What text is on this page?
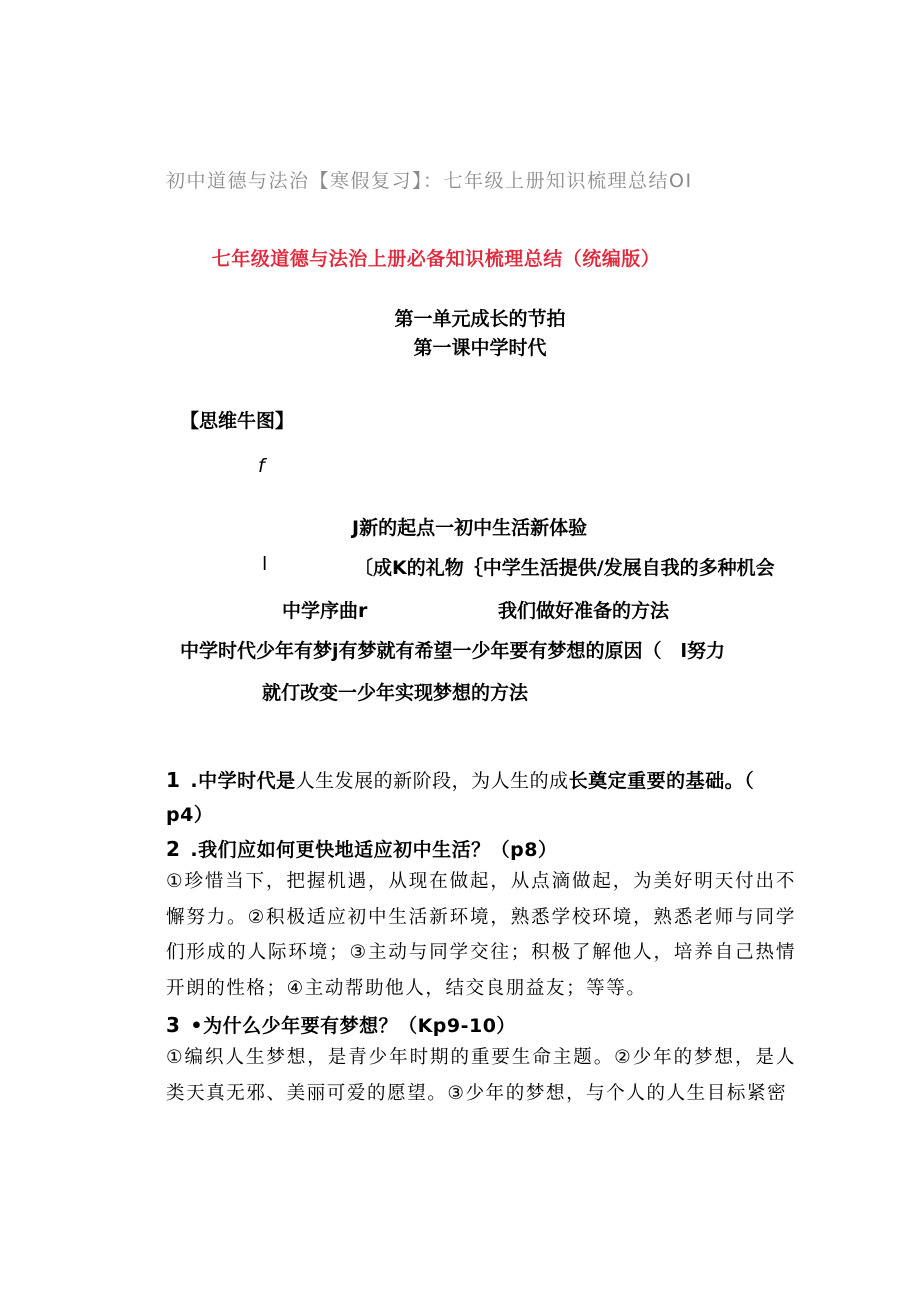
初中道德与法治【寒假复习】：七年级上册知识梳理总结OI
七年级道德与法治上册必备知识梳理总结（统编版）
第一单元成长的节拍
第一课中学时代
【思维牛图】
f
J新的起点一初中生活新体验
l	〔成K的礼物｛中学生活提供/发展自我的多种机会
中学序曲r	我们做好准备的方法
中学时代少年有梦j有梦就有希望一少年要有梦想的原因（　l努力
就仃改变一少年实现梦想的方法
1 .中学时代是人生发展的新阶段，为人生的成长奠定重要的基础。（
p4）
2 .我们应如何更快地适应初中生活？（p8）
①珍惜当下，把握机遇，从现在做起，从点滴做起，为美好明天付出不懈努力。②积极适应初中生活新环境，熟悉学校环境，熟悉老师与同学们形成的人际环境；③主动与同学交往；积极了解他人，培养自己热情开朗的性格；④主动帮助他人，结交良朋益友；等等。
3 •为什么少年要有梦想？（Kp9-10）
①编织人生梦想，是青少年时期的重要生命主题。②少年的梦想，是人类天真无邪、美丽可爱的愿望。③少年的梦想，与个人的人生目标紧密
